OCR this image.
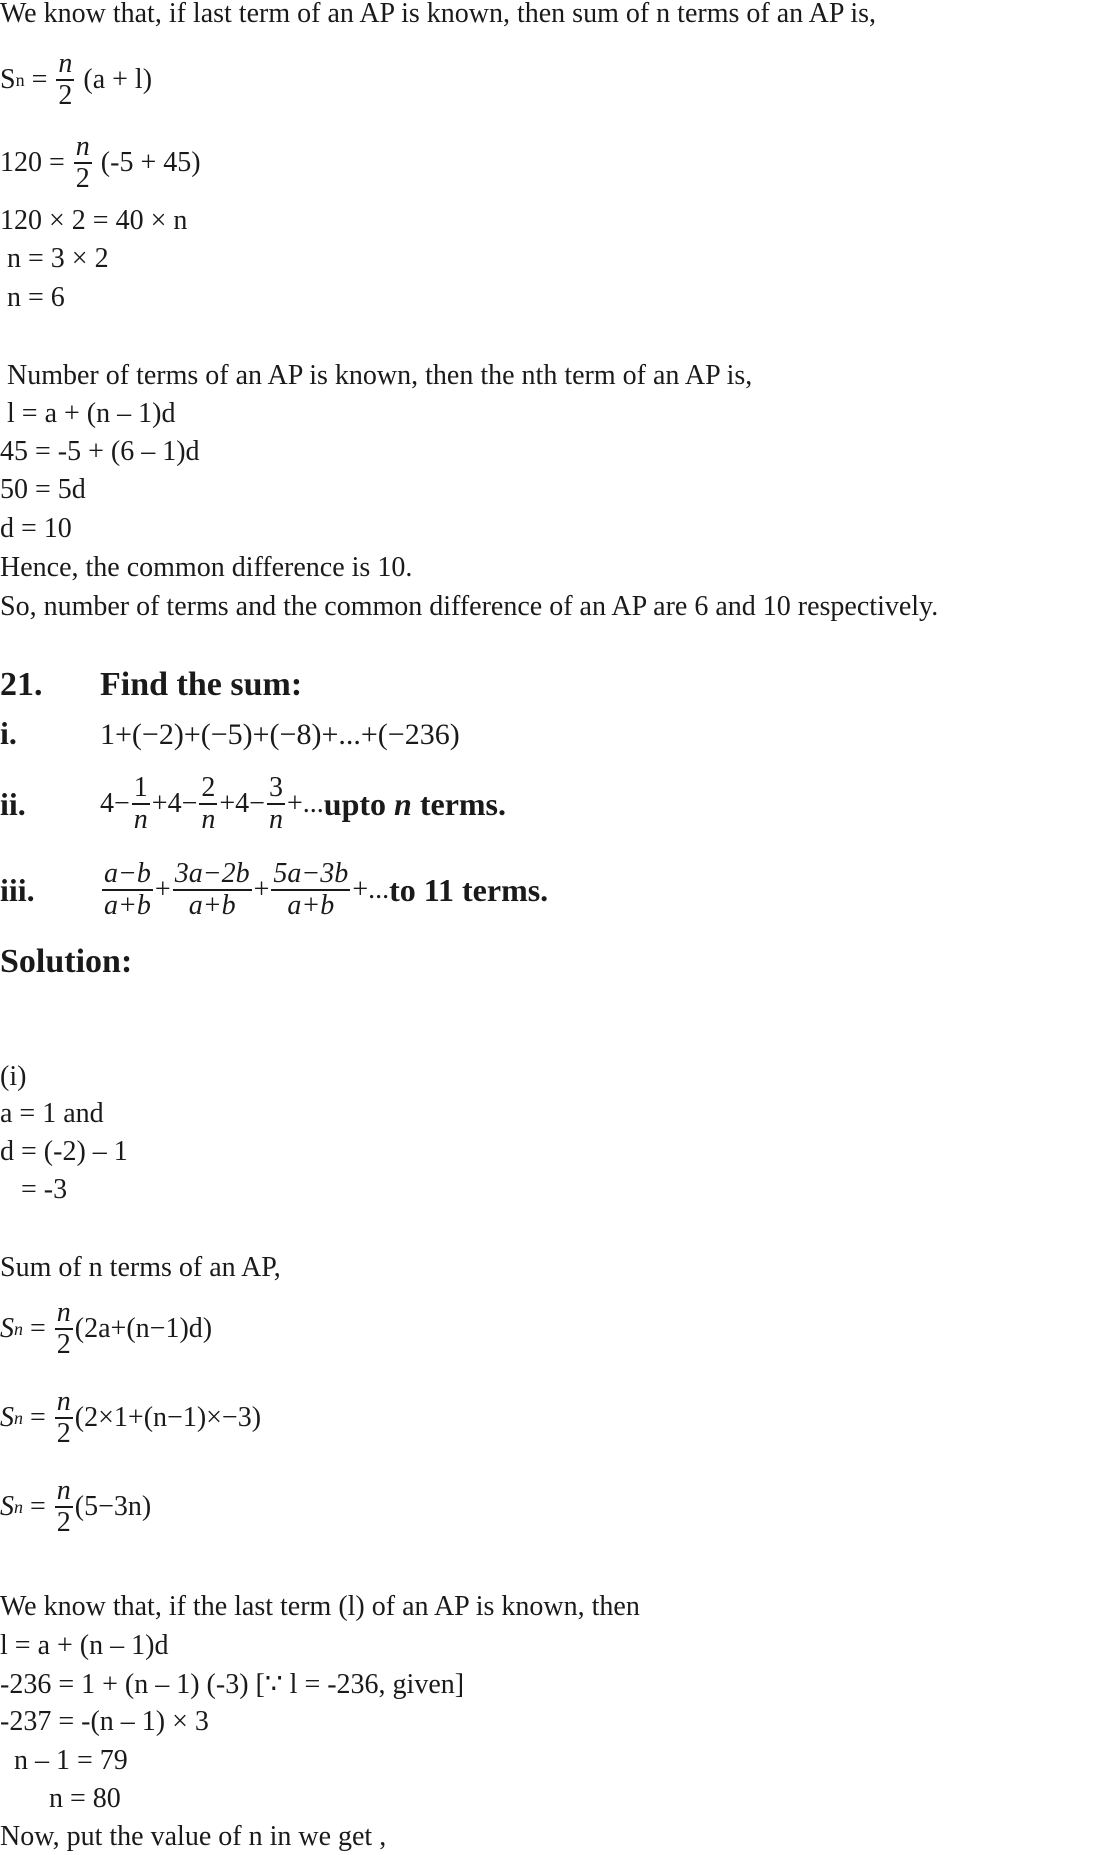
We know that, if last term of an AP is known, then sum of n terms of an AP is,
S $n = \frac{n}{2} (a + l)$
$120 = \frac{n}{2} (-5 + 45)$
120 × 2 = 40 × n
n = 3 × 2
n = 6
Number of terms of an AP is known, then the nth term of an AP is,
l = a + (n – 1)d
45 = -5 + (6 – 1)d
50 = 5d
d = 10
Hence, the common difference is 10.
So, number of terms and the common difference of an AP are 6 and 10 respectively.
21. Find the sum:
i.	1+(−2)+(−5)+(−8)+...+(−236)
ii.	$4- \frac{1}{n} +4- \frac{2}{n} +4- \frac{3}{n}$ +... upto n terms.
iii.	$\frac{a-b}{a+b} + \frac{3a-2b}{a+b} + \frac{5a-3b}{a+b}$ +... to 11 terms.
Solution:
(i)
a = 1 and
d = (-2) – 1
= -3
Sum of n terms of an AP,
S $n = \frac{n}{2} (2a+(n-1)d)$
S $n = \frac{n}{2} (2\times 1+(n-1)\times-3)$
S $n = \frac{n}{2} (5-3n)$
We know that, if the last term (l) of an AP is known, then
l = a + (n – 1)d
-236 = 1 + (n – 1) (-3) [∵ l = -236, given]
-237 = -(n – 1) × 3
n – 1 = 79
n = 80
Now, put the value of n in we get ,
